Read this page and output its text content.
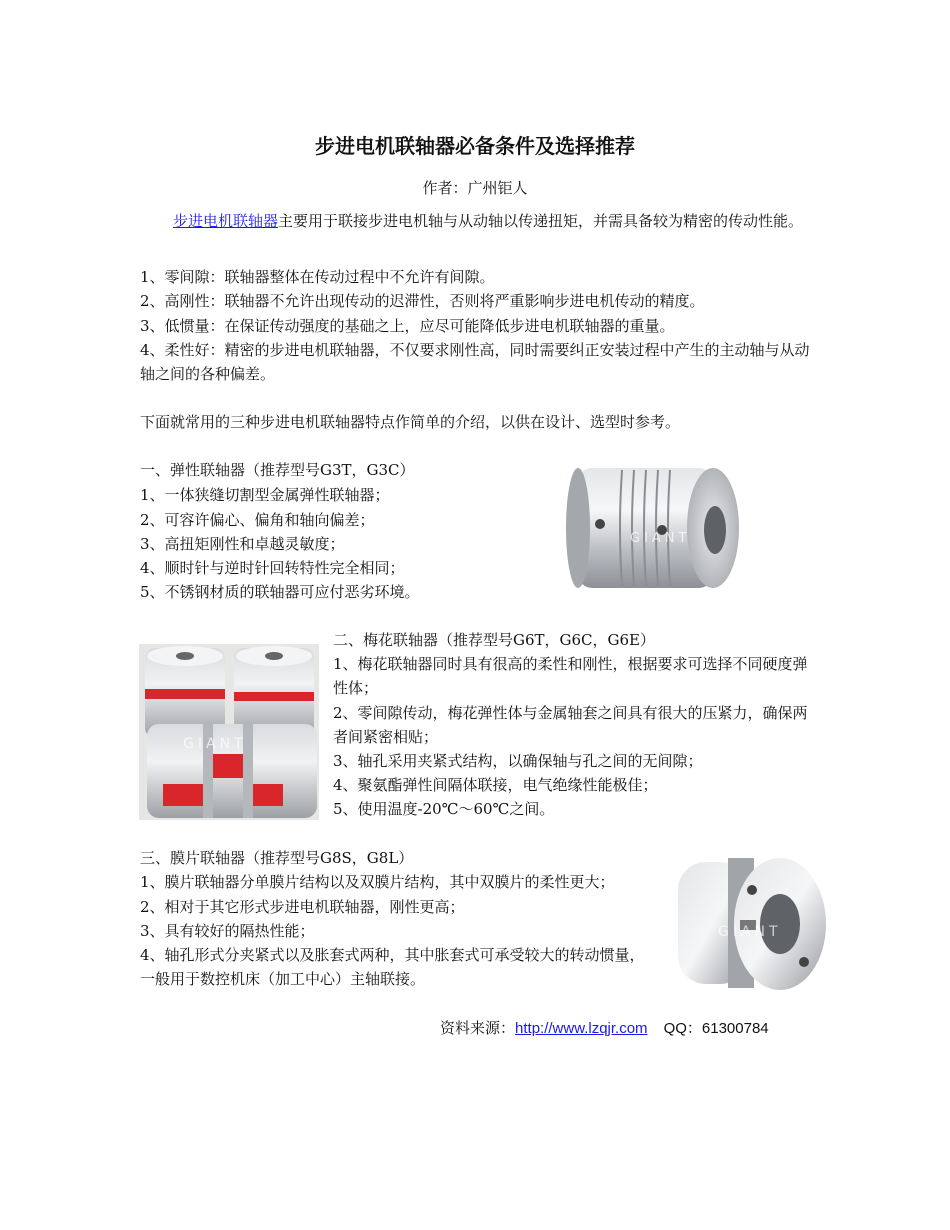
步进电机联轴器必备条件及选择推荐
作者：广州钜人
步进电机联轴器主要用于联接步进电机轴与从动轴以传递扭矩，并需具备较为精密的传动性能。
1、零间隙：联轴器整体在传动过程中不允许有间隙。
2、高刚性：联轴器不允许出现传动的迟滞性，否则将严重影响步进电机传动的精度。
3、低惯量：在保证传动强度的基础之上，应尽可能降低步进电机联轴器的重量。
4、柔性好：精密的步进电机联轴器，不仅要求刚性高，同时需要纠正安装过程中产生的主动轴与从动轴之间的各种偏差。
下面就常用的三种步进电机联轴器特点作简单的介绍，以供在设计、选型时参考。
一、弹性联轴器（推荐型号G3T，G3C）
1、一体狭缝切割型金属弹性联轴器；
2、可容许偏心、偏角和轴向偏差；
3、高扭矩刚性和卓越灵敏度；
4、顺时针与逆时针回转特性完全相同；
5、不锈钢材质的联轴器可应付恶劣环境。
GIANT
GIANT
二、梅花联轴器（推荐型号G6T，G6C，G6E）
1、梅花联轴器同时具有很高的柔性和刚性，根据要求可选择不同硬度弹性体；
2、零间隙传动，梅花弹性体与金属轴套之间具有很大的压紧力，确保两者间紧密相贴；
3、轴孔采用夹紧式结构，以确保轴与孔之间的无间隙；
4、聚氨酯弹性间隔体联接，电气绝缘性能极佳；
5、使用温度-20℃～60℃之间。
三、膜片联轴器（推荐型号G8S，G8L）
1、膜片联轴器分单膜片结构以及双膜片结构，其中双膜片的柔性更大；
2、相对于其它形式步进电机联轴器，刚性更高；
3、具有较好的隔热性能；
4、轴孔形式分夹紧式以及胀套式两种，其中胀套式可承受较大的转动惯量，一般用于数控机床（加工中心）主轴联接。
GIANT
资料来源：http://www.lzqjr.com QQ：61300784
